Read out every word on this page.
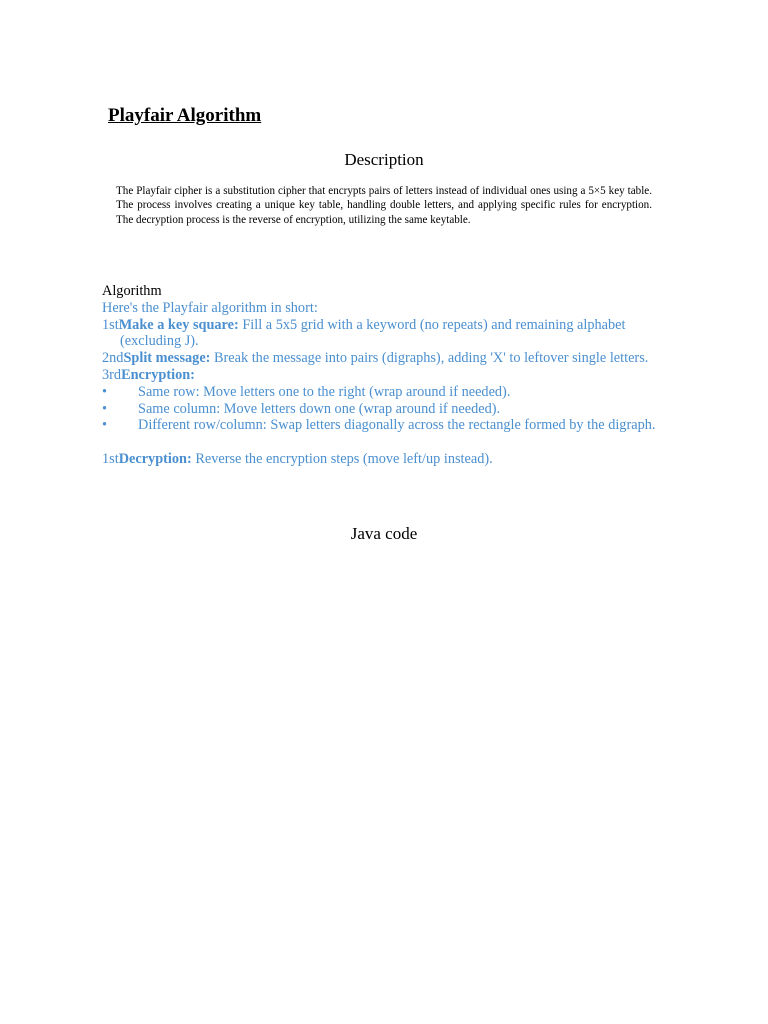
Playfair Algorithm
Description

The Playfair cipher is a substitution cipher that encrypts pairs of letters instead of individual ones using a 5×5 key table. The process involves creating a unique key table, handling double letters, and applying specific rules for encryption. The decryption process is the reverse of encryption, utilizing the same keytable.

Algorithm

Here's the Playfair algorithm in short:

1stMake a key square: Fill a 5x5 grid with a keyword (no repeats) and remaining alphabet (excluding J).

2ndSplit message: Break the message into pairs (digraphs), adding 'X' to leftover single letters.

3rdEncryption:

• Same row: Move letters one to the right (wrap around if needed).
• Same column: Move letters down one (wrap around if needed).
• Different row/column: Swap letters diagonally across the rectangle formed by the digraph.

1stDecryption: Reverse the encryption steps (move left/up instead).

Java code
